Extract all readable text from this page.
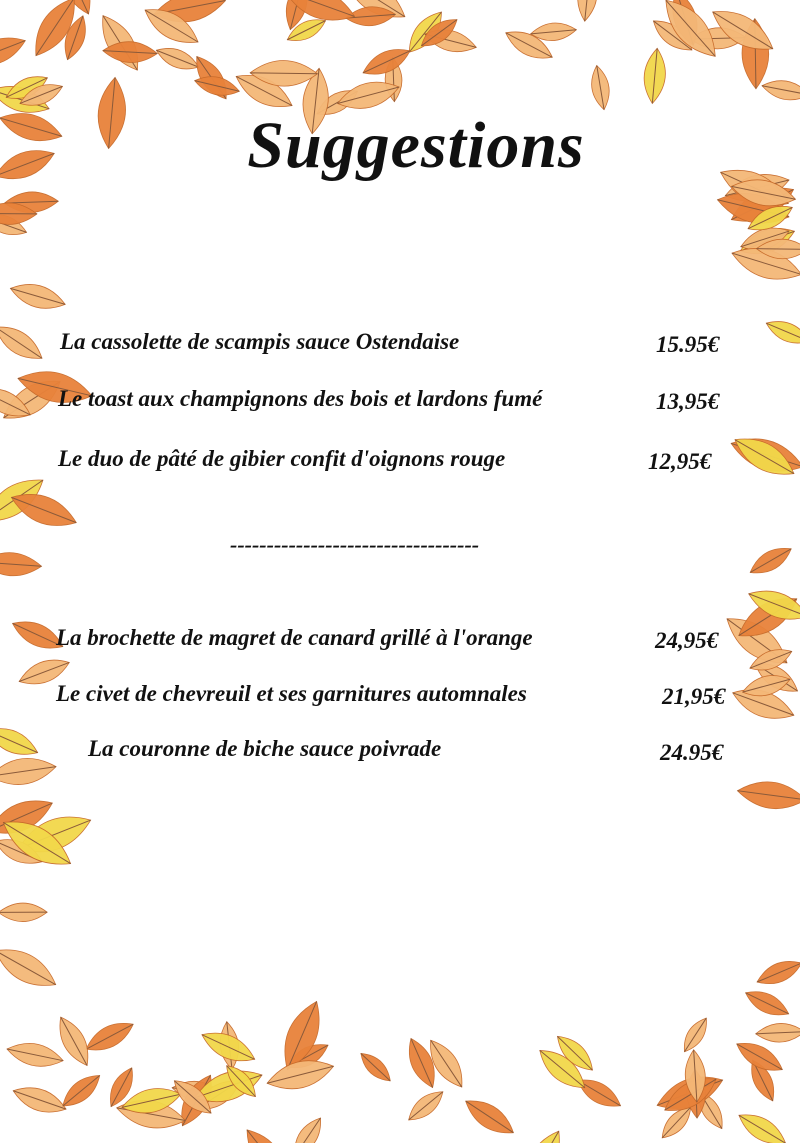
Suggestions
La cassolette de scampis sauce Ostendaise	15.95€
Le toast aux champignons des bois et lardons fumé	13,95€
Le duo de pâté de gibier confit d'oignons rouge	12,95€
----------------------------------
La brochette de magret de canard grillé à l'orange	24,95€
Le civet de chevreuil et ses garnitures automnales	21,95€
La couronne de biche sauce poivrade	24.95€
